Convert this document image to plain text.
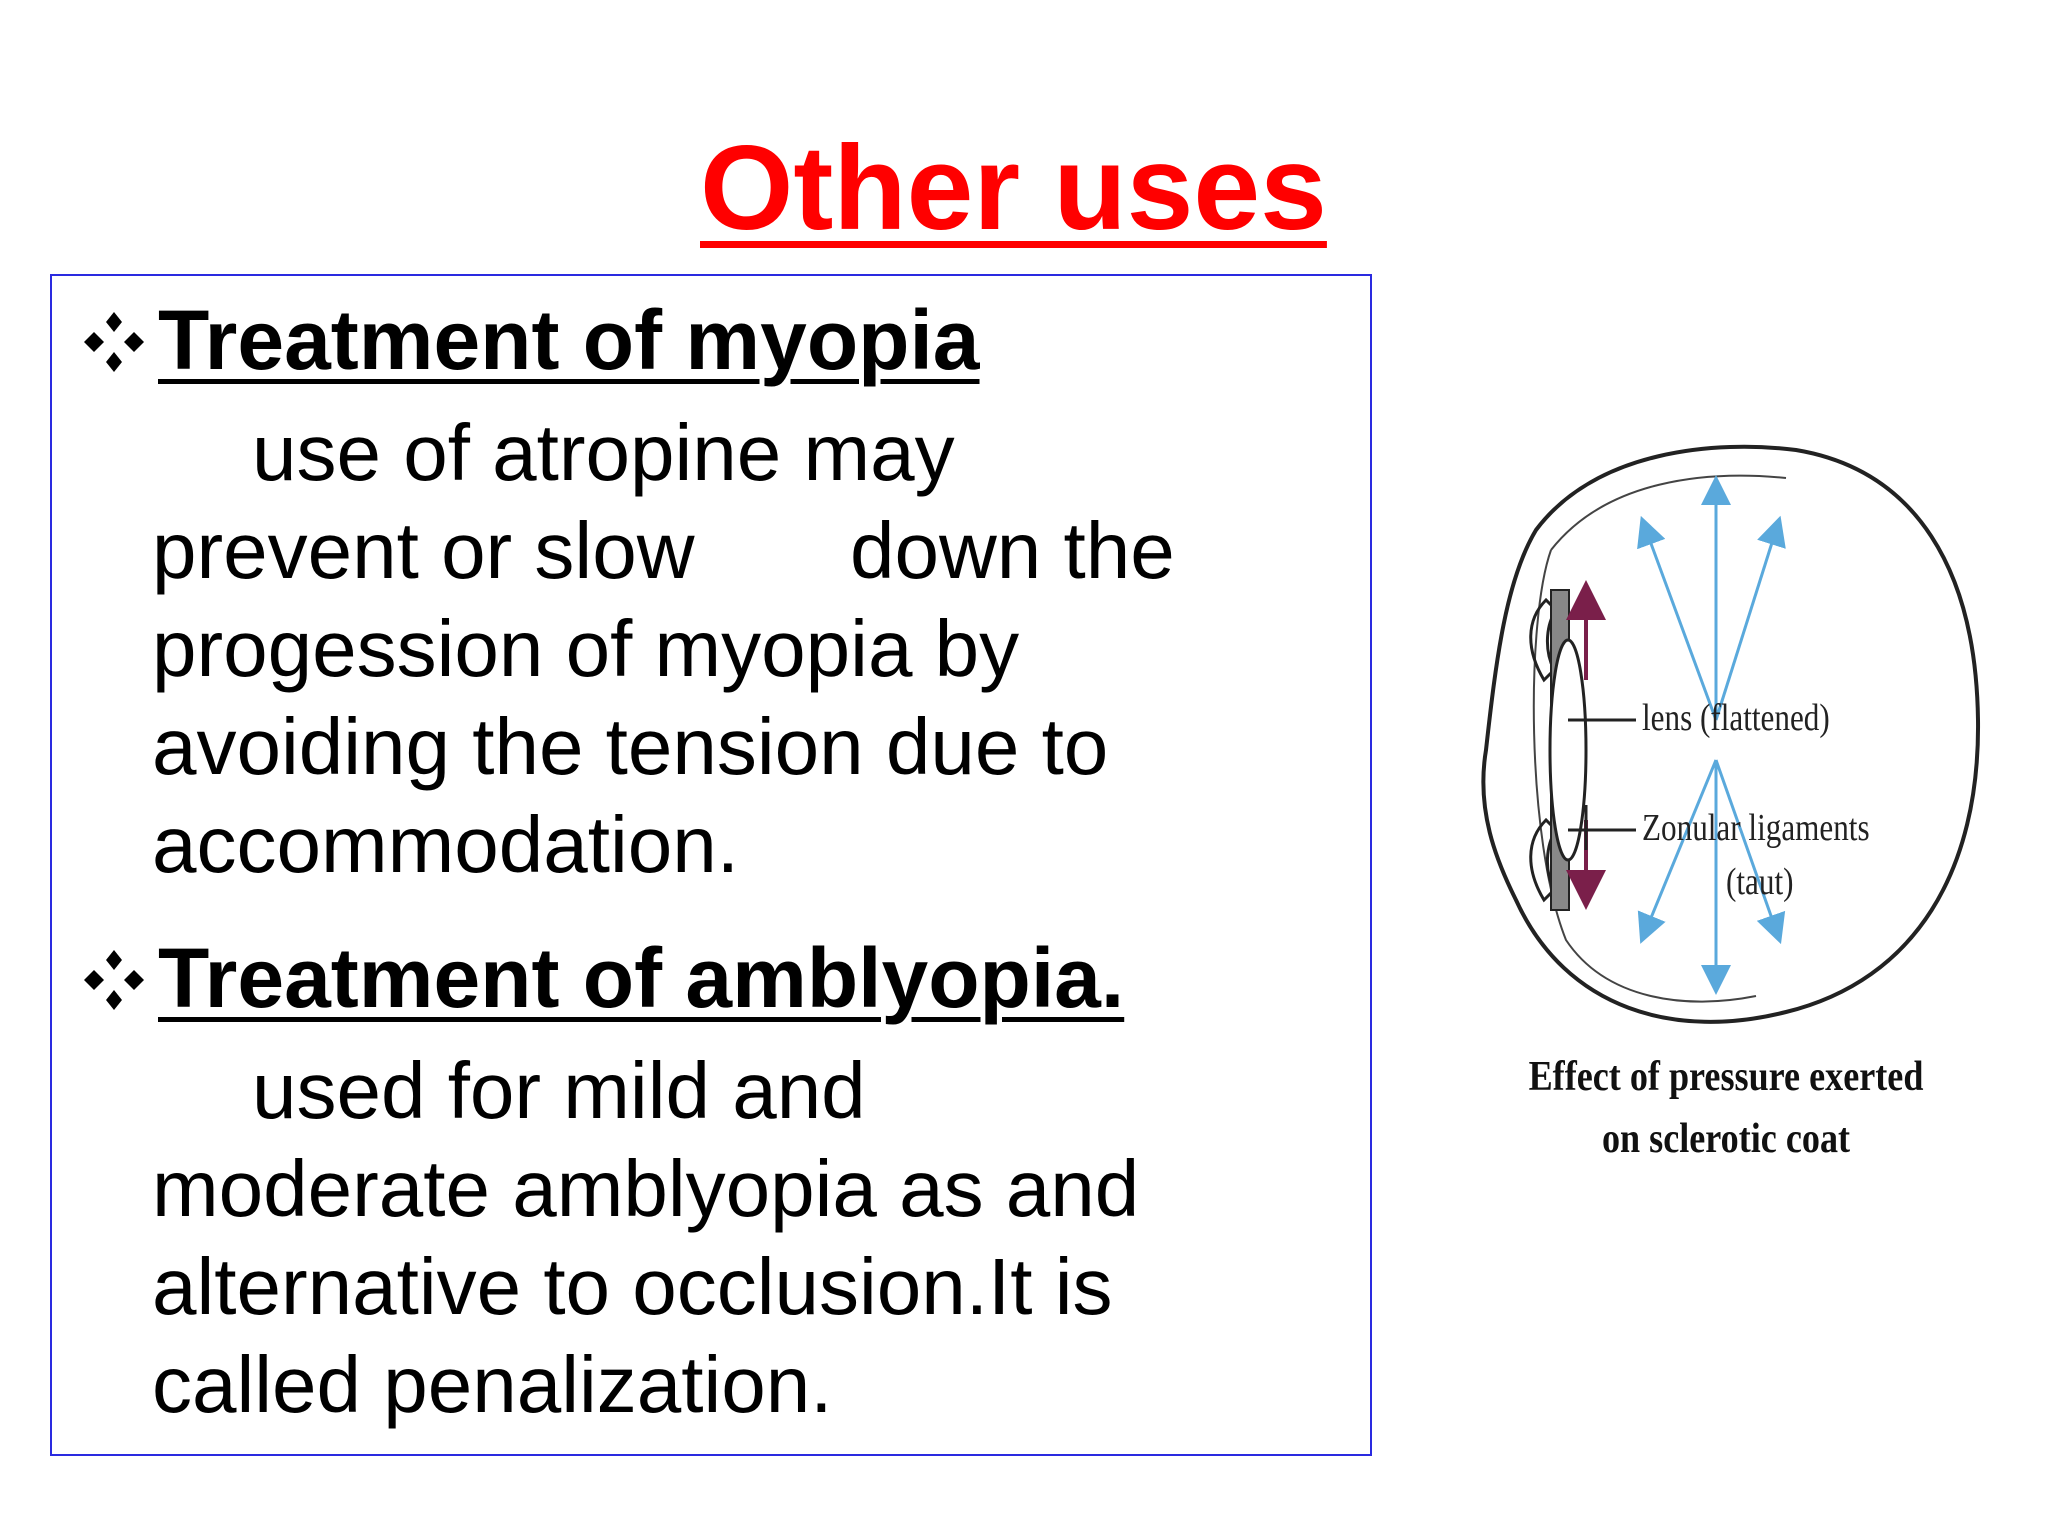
Other uses
Treatment of myopia
use of atropine may
prevent or slow       down the
progession of myopia by
avoiding the tension due to
accommodation.
Treatment of amblyopia.
used for mild and
moderate amblyopia as and
alternative to occlusion.It is
called penalization.
lens (flattened)
Zonular ligaments
(taut)
Effect of pressure exerted
on sclerotic coat
